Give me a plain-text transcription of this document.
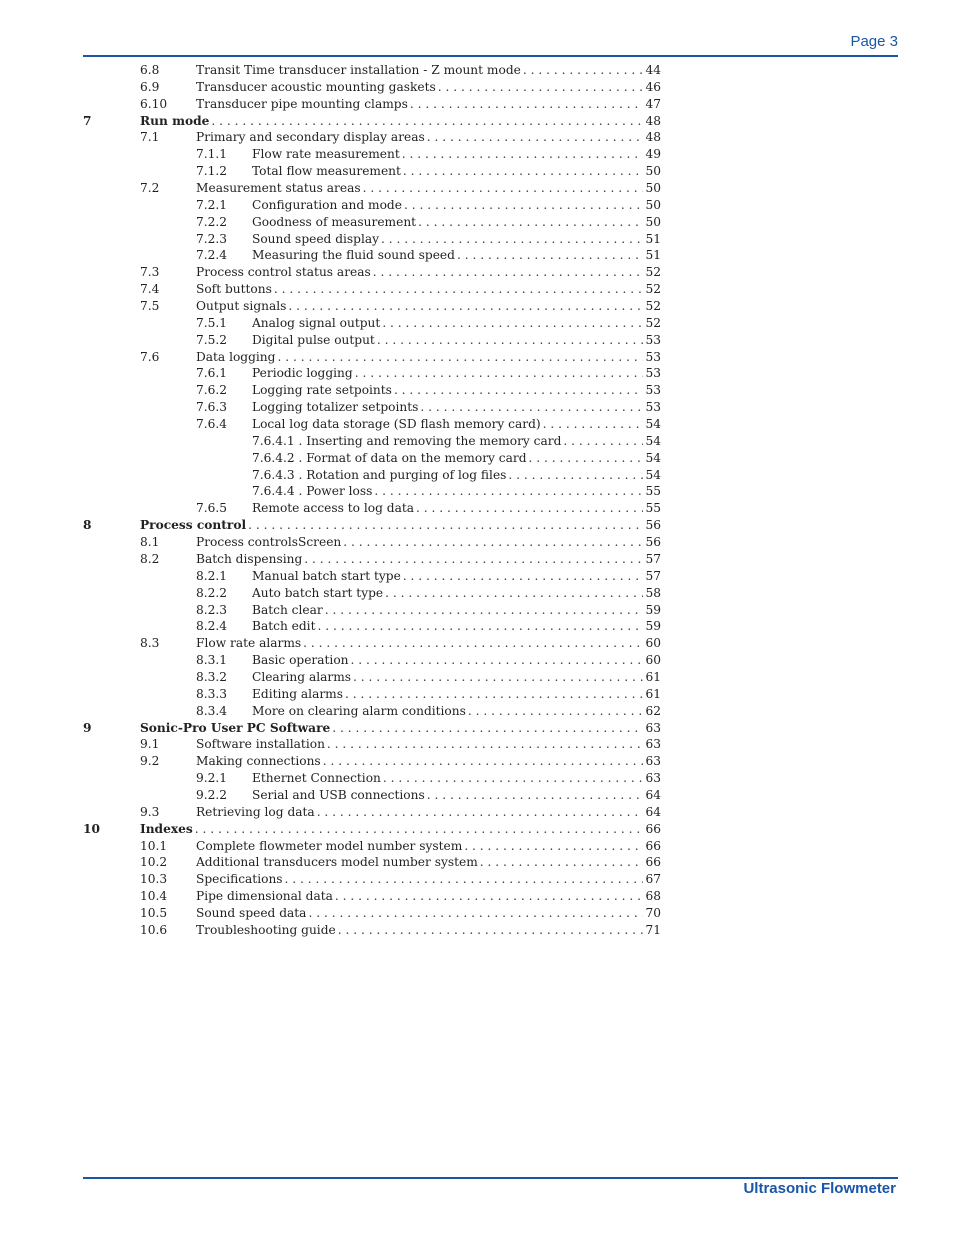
Page 3
6.8	Transit Time transducer installation - Z mount mode . . .	44
6.9	Transducer acoustic mounting gaskets . . .	46
6.10 Transducer pipe mounting clamps . . .	47
7	Run mode . . .	48
7.1	Primary and secondary display areas . . .	48
7.1.1 Flow rate measurement . . .	49
7.1.2 Total flow measurement . . .	50
7.2	Measurement status areas . . .	50
7.2.1 Configuration and mode . . .	50
7.2.2 Goodness of measurement . . .	50
7.2.3 Sound speed display . . .	51
7.2.4 Measuring the fluid sound speed . . .	51
7.3	Process control status areas . . .	52
7.4	Soft buttons . . .	52
7.5	Output signals . . .	52
7.5.1 Analog signal output . . .	52
7.5.2 Digital pulse output . . .	53
7.6	Data logging . . .	53
7.6.1 Periodic logging . . .	53
7.6.2 Logging rate setpoints . . .	53
7.6.3 Logging totalizer setpoints . . .	53
7.6.4 Local log data storage (SD flash memory card) . . .	54
7.6.4.1 . Inserting and removing the memory card . . .	54
7.6.4.2 . Format of data on the memory card . . .	54
7.6.4.3 . Rotation and purging of log files . . .	54
7.6.4.4 . Power loss . . .	55
7.6.5 Remote access to log data . . .	55
8	Process control . . .	56
8.1	Process controlsScreen . . .	56
8.2	Batch dispensing . . .	57
8.2.1 Manual batch start type . . .	57
8.2.2 Auto batch start type . . .	58
8.2.3 Batch clear . . .	59
8.2.4 Batch edit . . .	59
8.3	Flow rate alarms . . .	60
8.3.1 Basic operation . . .	60
8.3.2 Clearing alarms . . .	61
8.3.3 Editing alarms . . .	61
8.3.4 More on clearing alarm conditions . . .	62
9	Sonic-Pro User PC Software . . .	63
9.1	Software installation . . .	63
9.2	Making connections . . .	63
9.2.1 Ethernet Connection . . .	63
9.2.2 Serial and USB connections . . .	64
9.3	Retrieving log data . . .	64
10	Indexes . . .	66
10.1 Complete flowmeter model number system . . .	66
10.2 Additional transducers model number system . . .	66
10.3 Specifications . . .	67
10.4 Pipe dimensional data . . .	68
10.5 Sound speed data . . .	70
10.6 Troubleshooting guide . . .	71
Ultrasonic Flowmeter
